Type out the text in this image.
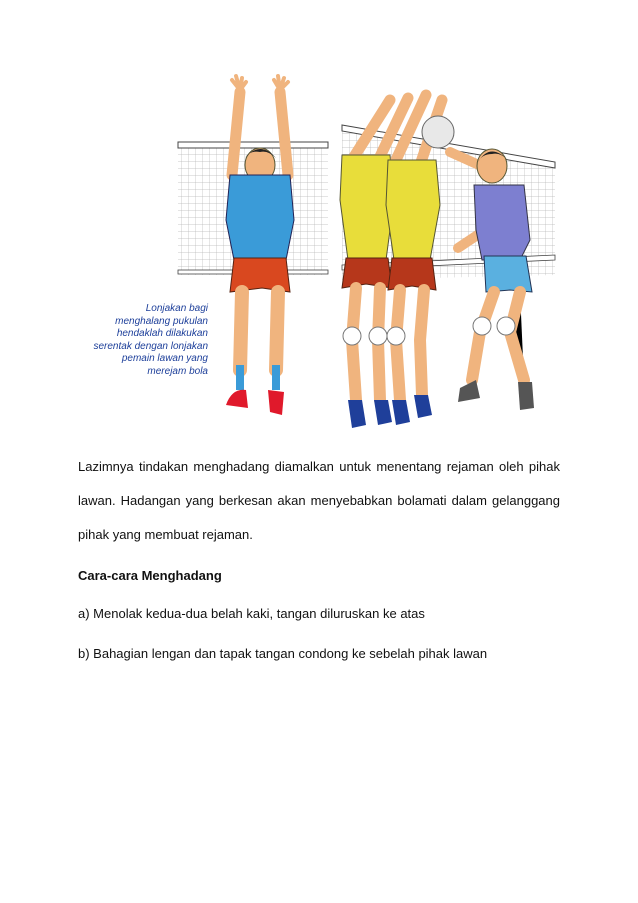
Lonjakan bagi
menghalang pukulan
hendaklah dilakukan
serentak dengan lonjakan
pemain lawan yang
merejam bola

Lazimnya tindakan menghadang diamalkan untuk menentang rejaman oleh pihak lawan. Hadangan yang berkesan akan menyebabkan bolamati dalam gelanggang pihak yang membuat rejaman.

Cara-cara Menghadang

a) Menolak kedua-dua belah kaki, tangan diluruskan ke atas

b) Bahagian lengan dan tapak tangan condong ke sebelah pihak lawan
